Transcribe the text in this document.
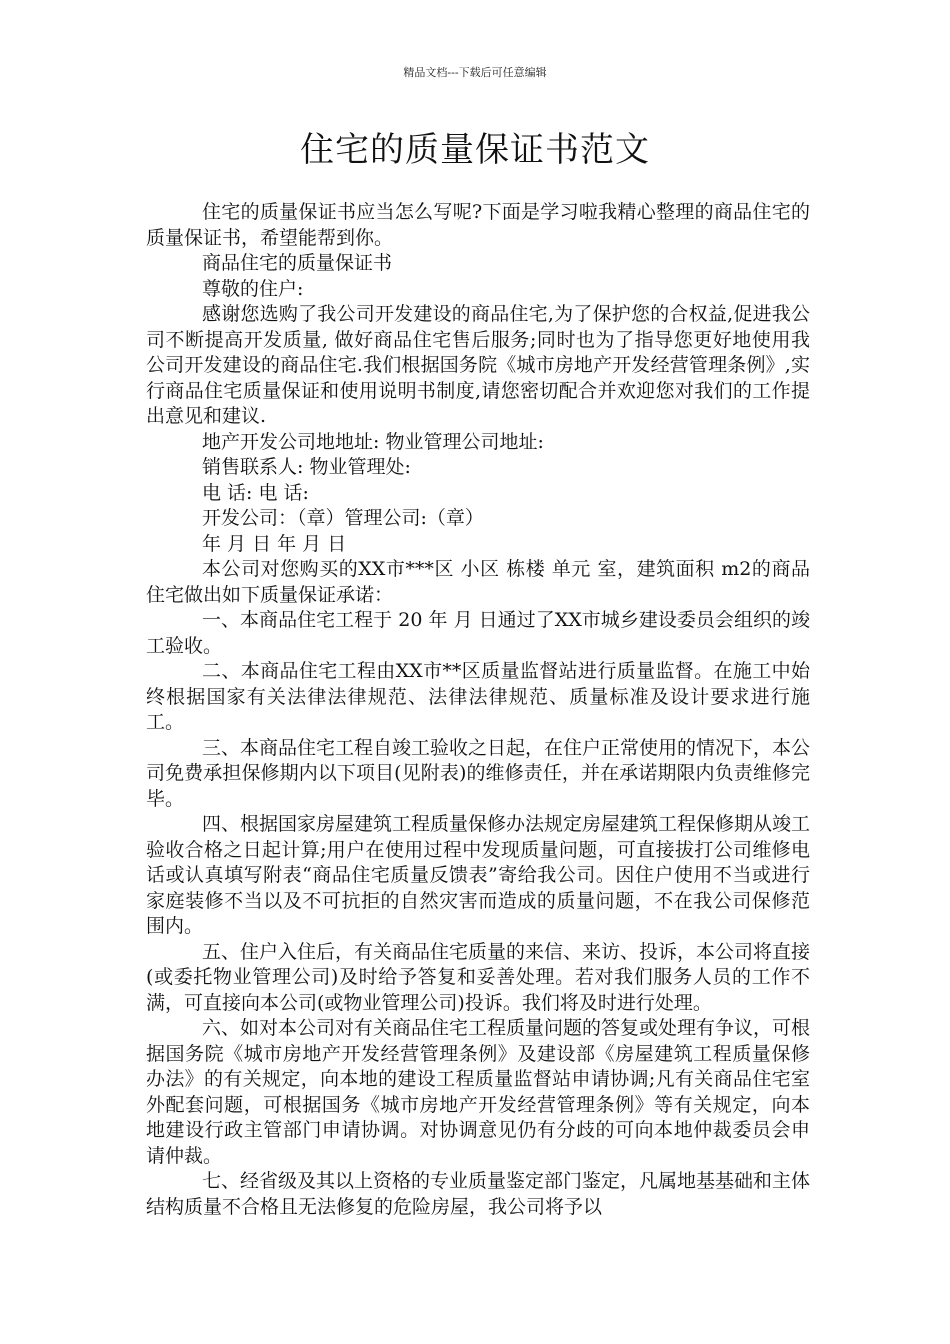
精品文档---下载后可任意编辑
住宅的质量保证书范文

住宅的质量保证书应当怎么写呢?下面是学习啦我精心整理的商品住宅的质量保证书，希望能帮到你。

商品住宅的质量保证书

尊敬的住户:

感谢您选购了我公司开发建设的商品住宅,为了保护您的合权益,促进我公司不断提高开发质量, 做好商品住宅售后服务;同时也为了指导您更好地使用我公司开发建设的商品住宅.我们根据国务院《城市房地产开发经营管理条例》,实行商品住宅质量保证和使用说明书制度,请您密切配合并欢迎您对我们的工作提出意见和建议.

地产开发公司地地址: 物业管理公司地址:

销售联系人: 物业管理处:

电 话: 电 话:

开发公司：（章）管理公司:（章）

年 月 日 年 月 日

本公司对您购买的XX市***区 小区 栋楼 单元 室，建筑面积 m2的商品住宅做出如下质量保证承诺：

一、本商品住宅工程于 20 年 月 日通过了XX市城乡建设委员会组织的竣工验收。

二、本商品住宅工程由XX市**区质量监督站进行质量监督。在施工中始终根据国家有关法律法律规范、法律法律规范、质量标准及设计要求进行施工。

三、本商品住宅工程自竣工验收之日起，在住户正常使用的情况下，本公司免费承担保修期内以下项目(见附表)的维修责任，并在承诺期限内负责维修完毕。

四、根据国家房屋建筑工程质量保修办法规定房屋建筑工程保修期从竣工验收合格之日起计算;用户在使用过程中发现质量问题，可直接拔打公司维修电话或认真填写附表“商品住宅质量反馈表”寄给我公司。因住户使用不当或进行家庭装修不当以及不可抗拒的自然灾害而造成的质量问题，不在我公司保修范围内。

五、住户入住后，有关商品住宅质量的来信、来访、投诉，本公司将直接(或委托物业管理公司)及时给予答复和妥善处理。若对我们服务人员的工作不满，可直接向本公司(或物业管理公司)投诉。我们将及时进行处理。

六、如对本公司对有关商品住宅工程质量问题的答复或处理有争议，可根据国务院《城市房地产开发经营管理条例》及建设部《房屋建筑工程质量保修办法》的有关规定，向本地的建设工程质量监督站申请协调;凡有关商品住宅室外配套问题，可根据国务《城市房地产开发经营管理条例》等有关规定，向本地建设行政主管部门申请协调。对协调意见仍有分歧的可向本地仲裁委员会申请仲裁。

七、经省级及其以上资格的专业质量鉴定部门鉴定，凡属地基基础和主体结构质量不合格且无法修复的危险房屋，我公司将予以
